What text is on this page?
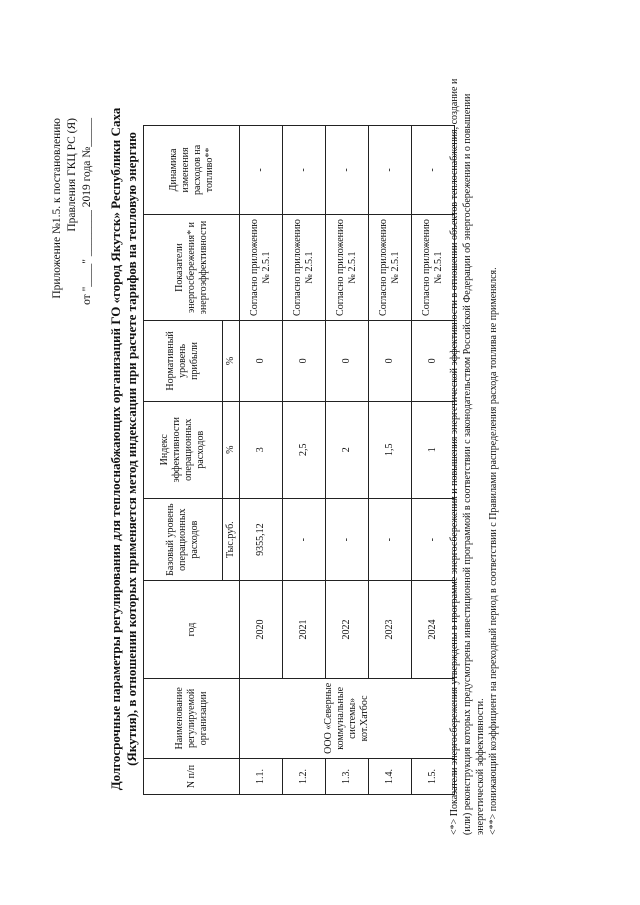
Приложение №1.5. к постановлению Правления ГКЦ РС (Я) от "____" ________ 2019 года №_____ Долгосрочные параметры регулирования для теплоснабжающих организаций ГО «город Якутск» Республики Саха (Якутия), в отношении которых применяется метод индексации при расчете тарифов на тепловую энергию
N п/п	Наименование регулируемой организации	год	Базовый уровень операционных расходов	Индекс эффективности операционных расходов	Нормативный уровень прибыли	Показатели энергосбережения* и энергоэффективности	Динамика изменения расходов на топливо**
			Тыс.руб.	%	%		
1.1.	ООО «Северные коммунальные системы» кот.Хатбос	2020	9355,12	3	0	Согласно приложению № 2.5.1	-
1.2.		2021	-	2,5	0	Согласно приложению № 2.5.1	-
1.3.		2022	-	2	0	Согласно приложению № 2.5.1	-
1.4.		2023	-	1,5	0	Согласно приложению № 2.5.1	-
1.5.		2024	-	1	0	Согласно приложению № 2.5.1	- <*> Показатели энергосбережения утверждены в программе энергосбережения и повышения энергетической эффективности в отношении объектов теплоснабжения, создание и (или) реконструкция которых предусмотрены инвестиционной программой в соответствии с законодательством Российской Федерации об энергосбережении и о повышении энергетической эффективности. <**> понижающий коэффициент на переходный период в соответствии с Правилами распределения расхода топлива не применялся.
